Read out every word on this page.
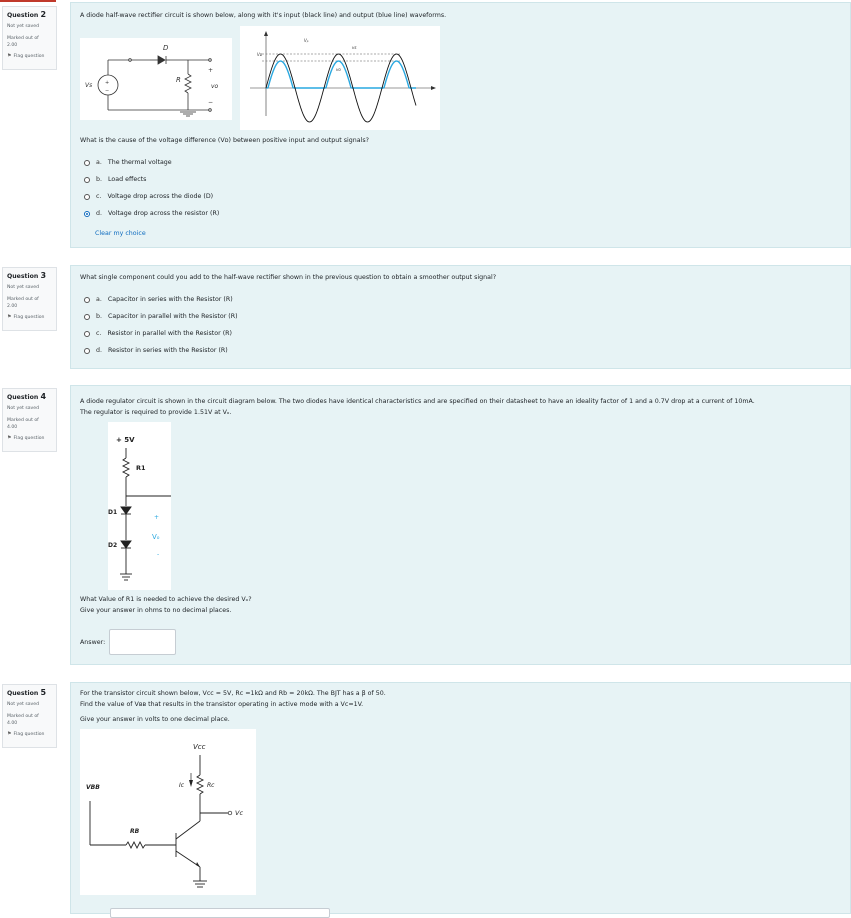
Question 2
Not yet saved
Marked out of
2.00
⚑ Flag question
A diode half-wave rectifier circuit is shown below, along with it's input (black line) and output (blue line) waveforms.
+
−
D
R
Vs	vo
+
−
Vᴅ
vs
Vₚ
vo
What is the cause of the voltage difference (Vᴅ) between positive input and output signals?
a. The thermal voltage
b. Load effects
c. Voltage drop across the diode (D)
d. Voltage drop across the resistor (R)
Clear my choice
Question 3
Not yet saved
Marked out of
2.00
⚑ Flag question
What single component could you add to the half-wave rectifier shown in the previous question to obtain a smoother output signal?
a. Capacitor in series with the Resistor (R)
b. Capacitor in parallel with the Resistor (R)
c. Resistor in parallel with the Resistor (R)
d. Resistor in series with the Resistor (R)
Question 4
Not yet saved
Marked out of
4.00
⚑ Flag question
A diode regulator circuit is shown in the circuit diagram below. The two diodes have identical characteristics and are specified on their datasheet to have an ideality factor of 1 and a 0.7V drop at a current of 10mA.
The regulator is required to provide 1.51V at Vₒ.
+ 5V
R1
D1
D2
+
Vₒ
-
What Value of R1 is needed to achieve the desired Vₒ?
Give your answer in ohms to no decimal places.
Answer:
Question 5
Not yet saved
Marked out of
4.00
⚑ Flag question
For the transistor circuit shown below, Vᴄᴄ = 5V, Rᴄ =1kΩ and Rb = 20kΩ. The BJT has a β of 50.
Find the value of Vʙʙ that results in the transistor operating in active mode with a Vᴄ=1V.
Give your answer in volts to one decimal place.
Vcc
VBB	Ic	Rc
RB
Vc
